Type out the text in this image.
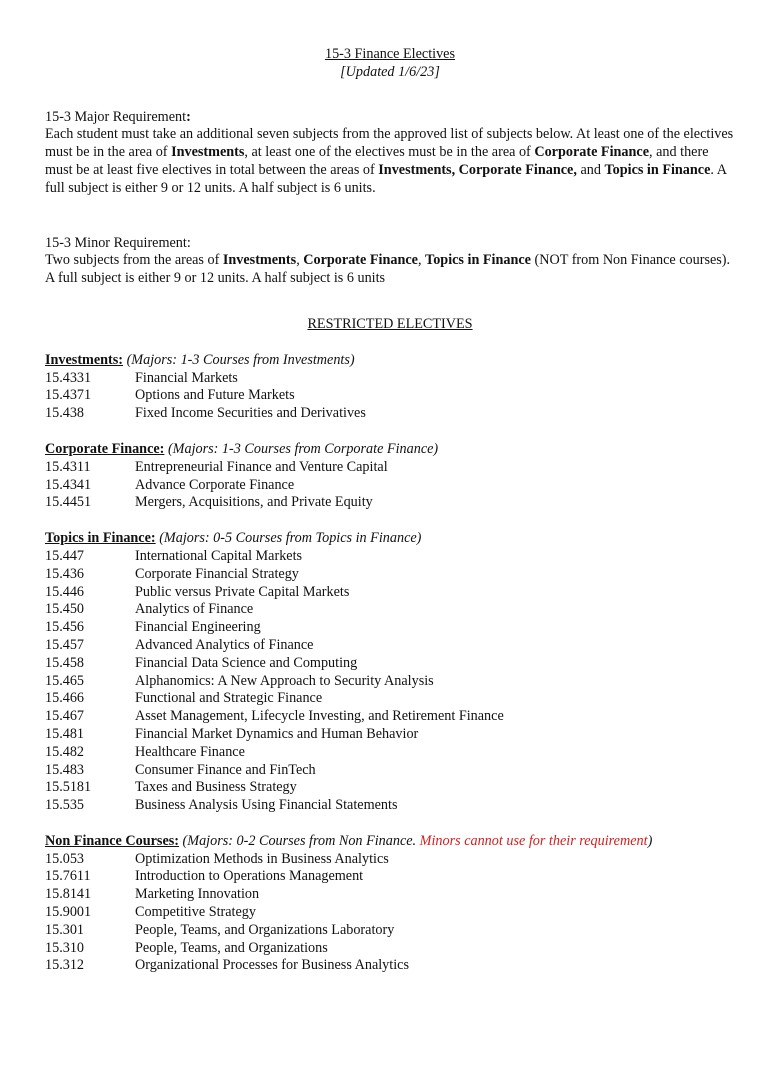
15-3 Finance Electives
[Updated 1/6/23]

15-3 Major Requirement:
Each student must take an additional seven subjects from the approved list of subjects below. At least one of the electives must be in the area of Investments, at least one of the electives must be in the area of Corporate Finance, and there must be at least five electives in total between the areas of Investments, Corporate Finance, and Topics in Finance. A full subject is either 9 or 12 units. A half subject is 6 units.

15-3 Minor Requirement:
Two subjects from the areas of Investments, Corporate Finance, Topics in Finance (NOT from Non Finance courses). A full subject is either 9 or 12 units. A half subject is 6 units

RESTRICTED ELECTIVES
Investments: (Majors: 1-3 Courses from Investments)
15.4331	Financial Markets
15.4371	Options and Future Markets
15.438	Fixed Income Securities and Derivatives
Corporate Finance: (Majors: 1-3 Courses from Corporate Finance)
15.4311	Entrepreneurial Finance and Venture Capital
15.4341	Advance Corporate Finance
15.4451	Mergers, Acquisitions, and Private Equity
Topics in Finance: (Majors: 0-5 Courses from Topics in Finance)
15.447	International Capital Markets
15.436	Corporate Financial Strategy
15.446	Public versus Private Capital Markets
15.450	Analytics of Finance
15.456	Financial Engineering
15.457	Advanced Analytics of Finance
15.458	Financial Data Science and Computing
15.465	Alphanomics: A New Approach to Security Analysis
15.466	Functional and Strategic Finance
15.467	Asset Management, Lifecycle Investing, and Retirement Finance
15.481	Financial Market Dynamics and Human Behavior
15.482	Healthcare Finance
15.483	Consumer Finance and FinTech
15.5181	Taxes and Business Strategy
15.535	Business Analysis Using Financial Statements
Non Finance Courses: (Majors: 0-2 Courses from Non Finance. Minors cannot use for their requirement)
15.053	Optimization Methods in Business Analytics
15.7611	Introduction to Operations Management
15.8141	Marketing Innovation
15.9001	Competitive Strategy
15.301	People, Teams, and Organizations Laboratory
15.310	People, Teams, and Organizations
15.312	Organizational Processes for Business Analytics
